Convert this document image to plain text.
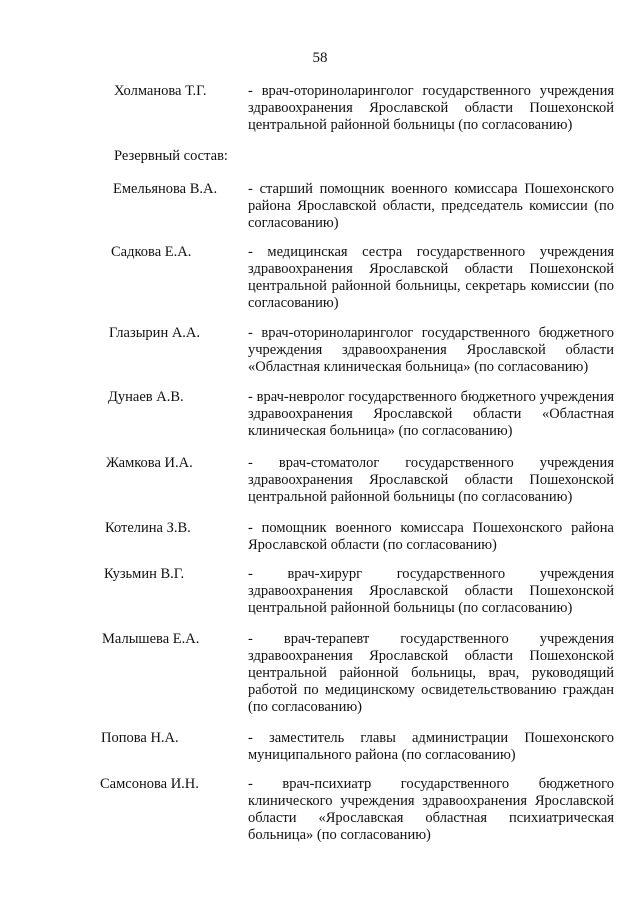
58
Холманова Т.Г.	- врач-оториноларинголог государственного учреждения здравоохранения Ярославской области Пошехонской центральной районной больницы (по согласованию)

Резервный состав:
Емельянова В.А. - старший помощник военного комиссара Пошехонского района Ярославской области, председатель комиссии (по согласованию)

Садкова Е.А.	- медицинская сестра государственного учреждения здравоохранения Ярославской области Пошехонской центральной районной больницы, секретарь комиссии (по согласованию)

Глазырин А.А.	- врач-оториноларинголог государственного бюджетного учреждения здравоохранения Ярославской области «Областная клиническая больница» (по согласованию)

Дунаев А.В.	- врач-невролог государственного бюджетного учреждения здравоохранения Ярославской области «Областная клиническая больница» (по согласованию)

Жамкова И.А.	- врач-стоматолог государственного учреждения здравоохранения Ярославской области Пошехонской центральной районной больницы (по согласованию)

Котелина З.В.	- помощник военного комиссара Пошехонского района Ярославской области (по согласованию)

Кузьмин В.Г.	- врач-хирург государственного учреждения здравоохранения Ярославской области Пошехонской центральной районной больницы (по согласованию)

Малышева Е.А.	- врач-терапевт государственного учреждения здравоохранения Ярославской области Пошехонской центральной районной больницы, врач, руководящий работой по медицинскому освидетельствованию граждан (по согласованию)

Попова Н.А.	- заместитель главы администрации Пошехонского муниципального района (по согласованию)

Самсонова И.Н.	- врач-психиатр государственного бюджетного клинического учреждения здравоохранения Ярославской области «Ярославская областная психиатрическая больница» (по согласованию)
